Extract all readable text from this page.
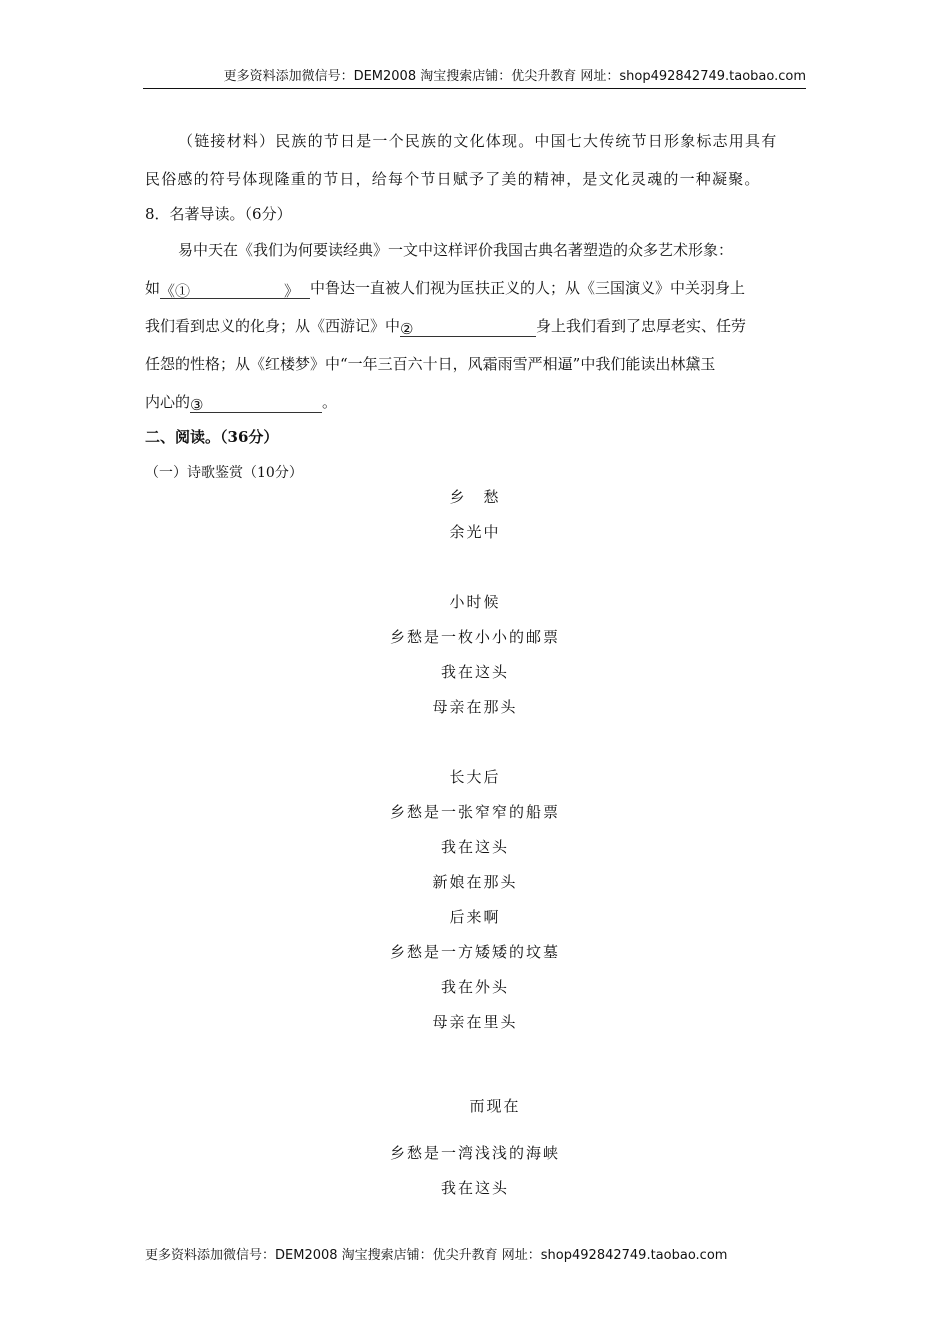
更多资料添加微信号：DEM2008 淘宝搜索店铺：优尖升教育 网址：shop492842749.taobao.com
（链接材料）民族的节日是一个民族的文化体现。中国七大传统节日形象标志用具有
民俗感的符号体现隆重的节日，给每个节日赋予了美的精神，是文化灵魂的一种凝聚。
8．名著导读。（6分）
易中天在《我们为何要读经典》一文中这样评价我国古典名著塑造的众多艺术形象：
如《①	》 中鲁达一直被人们视为匡扶正义的人；从《三国演义》中关羽身上
我们看到忠义的化身；从《西游记》中②	身上我们看到了忠厚老实、任劳
任怨的性格；从《红楼梦》中“一年三百六十日，风霜雨雪严相逼”中我们能读出林黛玉
内心的③	。
二、阅读。（36分）
（一）诗歌鉴赏（10分）
乡　愁
余光中
小时候
乡愁是一枚小小的邮票
我在这头
母亲在那头
长大后
乡愁是一张窄窄的船票
我在这头
新娘在那头
后来啊
乡愁是一方矮矮的坟墓
我在外头
母亲在里头
而现在
乡愁是一湾浅浅的海峡
我在这头
更多资料添加微信号：DEM2008 淘宝搜索店铺：优尖升教育 网址：shop492842749.taobao.com
